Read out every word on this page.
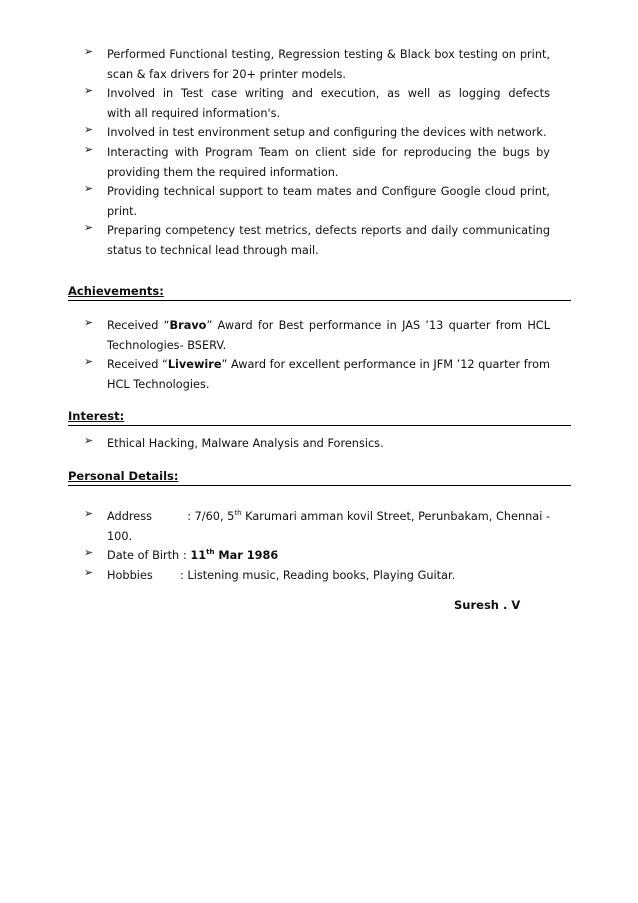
➢ Performed Functional testing, Regression testing & Black box testing on print,
scan & fax drivers for 20+ printer models.
➢ Involved in Test case writing and execution, as well as logging defects
with all required information's.
➢ Involved in test environment setup and configuring the devices with network.
➢ Interacting with Program Team on client side for reproducing the bugs by
providing them the required information.
➢ Providing technical support to team mates and Configure Google cloud print,
print.
➢ Preparing competency test metrics, defects reports and daily communicating
status to technical lead through mail.
Achievements:
➢ Received “Bravo” Award for Best performance in JAS ’13 quarter from HCL
Technologies- BSERV.
➢ Received “Livewire” Award for excellent performance in JFM ’12 quarter from
HCL Technologies.
Interest:
➢ Ethical Hacking, Malware Analysis and Forensics.
Personal Details:
➢ Address	: 7/60, 5th Karumari amman kovil Street, Perunbakam, Chennai -
100.
➢ Date of Birth : 11th Mar 1986
➢ Hobbies : Listening music, Reading books, Playing Guitar.
Suresh . V
